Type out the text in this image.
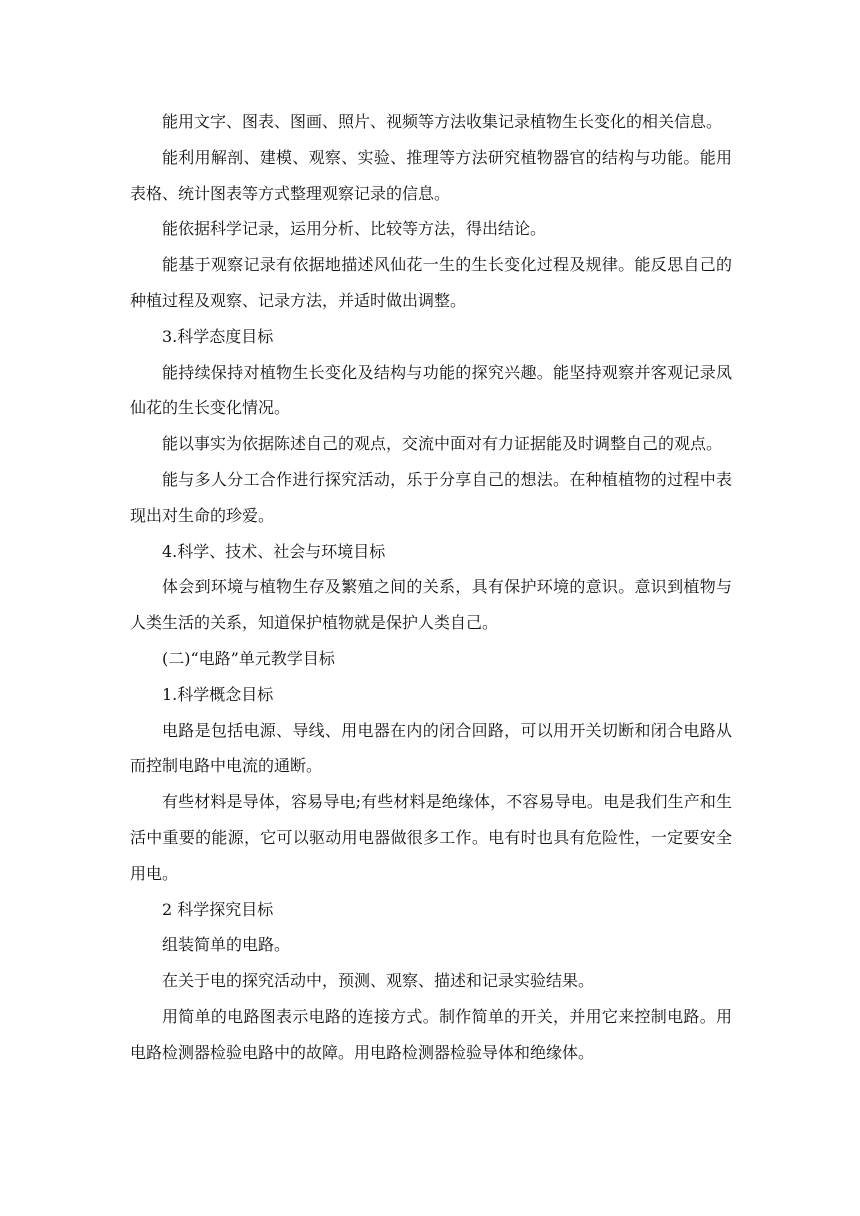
能用文字、图表、图画、照片、视频等方法收集记录植物生长变化的相关信息。

能利用解剖、建模、观察、实验、推理等方法研究植物器官的结构与功能。能用表格、统计图表等方式整理观察记录的信息。

能依据科学记录，运用分析、比较等方法，得出结论。

能基于观察记录有依据地描述风仙花一生的生长变化过程及规律。能反思自己的种植过程及观察、记录方法，并适时做出调整。

3.科学态度目标

能持续保持对植物生长变化及结构与功能的探究兴趣。能坚持观察并客观记录凤仙花的生长变化情况。

能以事实为依据陈述自己的观点，交流中面对有力证据能及时调整自己的观点。

能与多人分工合作进行探究活动，乐于分享自己的想法。在种植植物的过程中表现出对生命的珍爱。

4.科学、技术、社会与环境目标

体会到环境与植物生存及繁殖之间的关系，具有保护环境的意识。意识到植物与人类生活的关系，知道保护植物就是保护人类自己。

(二)“电路”单元教学目标

1.科学概念目标

电路是包括电源、导线、用电器在内的闭合回路，可以用开关切断和闭合电路从而控制电路中电流的通断。

有些材料是导体，容易导电;有些材料是绝缘体，不容易导电。电是我们生产和生活中重要的能源，它可以驱动用电器做很多工作。电有时也具有危险性，一定要安全用电。

2 科学探究目标

组装简单的电路。

在关于电的探究活动中，预测、观察、描述和记录实验结果。

用简单的电路图表示电路的连接方式。制作简单的开关，并用它来控制电路。用电路检测器检验电路中的故障。用电路检测器检验导体和绝缘体。
